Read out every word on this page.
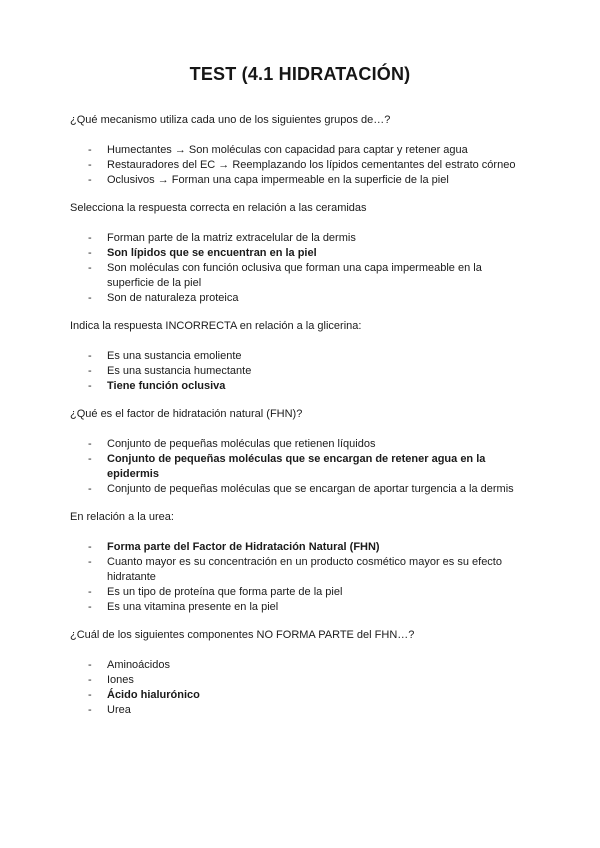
TEST (4.1 HIDRATACIÓN)
¿Qué mecanismo utiliza cada uno de los siguientes grupos de…?
- Humectantes → Son moléculas con capacidad para captar y retener agua
- Restauradores del EC → Reemplazando los lípidos cementantes del estrato córneo
- Oclusivos → Forman una capa impermeable en la superficie de la piel
Selecciona la respuesta correcta en relación a las ceramidas
- Forman parte de la matriz extracelular de la dermis
- Son lípidos que se encuentran en la piel
- Son moléculas con función oclusiva que forman una capa impermeable en la superficie de la piel
- Son de naturaleza proteica
Indica la respuesta INCORRECTA en relación a la glicerina:
- Es una sustancia emoliente
- Es una sustancia humectante
- Tiene función oclusiva
¿Qué es el factor de hidratación natural (FHN)?
- Conjunto de pequeñas moléculas que retienen líquidos
- Conjunto de pequeñas moléculas que se encargan de retener agua en la epidermis
- Conjunto de pequeñas moléculas que se encargan de aportar turgencia a la dermis
En relación a la urea:
- Forma parte del Factor de Hidratación Natural (FHN)
- Cuanto mayor es su concentración en un producto cosmético mayor es su efecto hidratante
- Es un tipo de proteína que forma parte de la piel
- Es una vitamina presente en la piel
¿Cuál de los siguientes componentes NO FORMA PARTE del FHN…?
- Aminoácidos
- Iones
- Ácido hialurónico
- Urea
